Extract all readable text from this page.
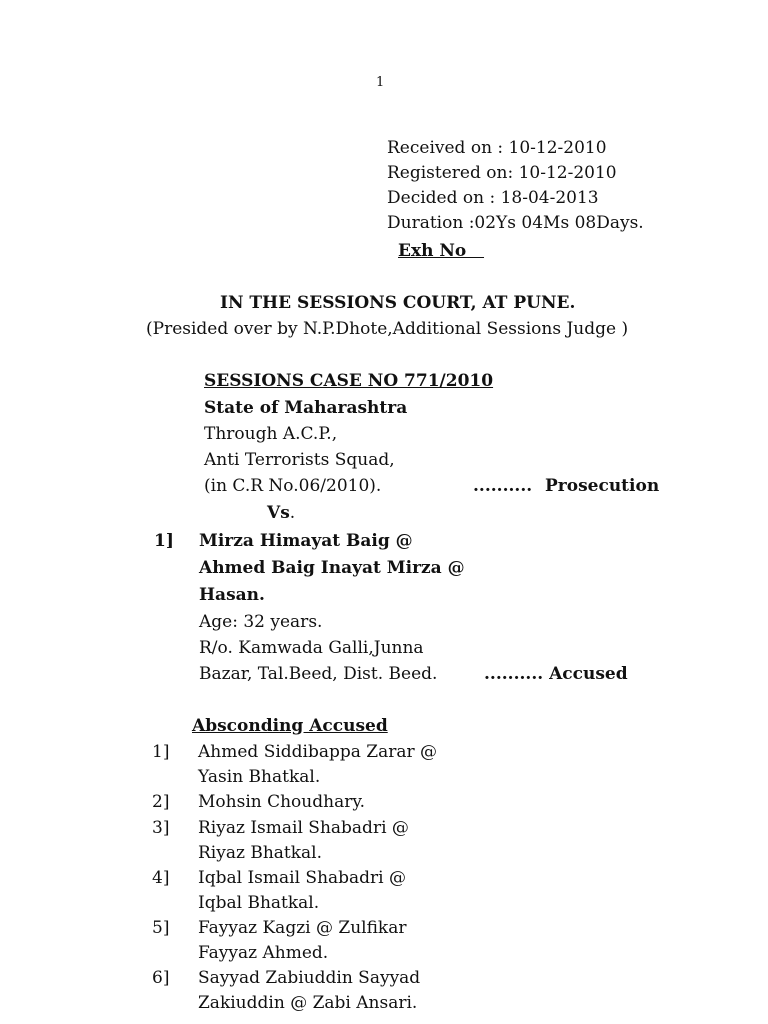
1
Received on : 10-12-2010
Registered on: 10-12-2010
Decided on : 18-04-2013
Duration :02Ys 04Ms 08Days.
Exh No
IN THE SESSIONS COURT, AT PUNE.
(Presided over by N.P.Dhote,Additional Sessions Judge )
SESSIONS CASE NO 771/2010
State of Maharashtra
Through A.C.P.,
Anti Terrorists Squad,
(in C.R No.06/2010).	.......... Prosecution
Vs.
1] Mirza Himayat Baig @
Ahmed Baig Inayat Mirza @
Hasan.
Age: 32 years.
R/o. Kamwada Galli,Junna
Bazar, Tal.Beed, Dist. Beed.	.......... Accused
Absconding Accused
1] Ahmed Siddibappa Zarar @
Yasin Bhatkal.
2] Mohsin Choudhary.
3] Riyaz Ismail Shabadri @
Riyaz Bhatkal.
4] Iqbal Ismail Shabadri @
Iqbal Bhatkal.
5] Fayyaz Kagzi @ Zulfikar
Fayyaz Ahmed.
6] Sayyad Zabiuddin Sayyad
Zakiuddin @ Zabi Ansari.
